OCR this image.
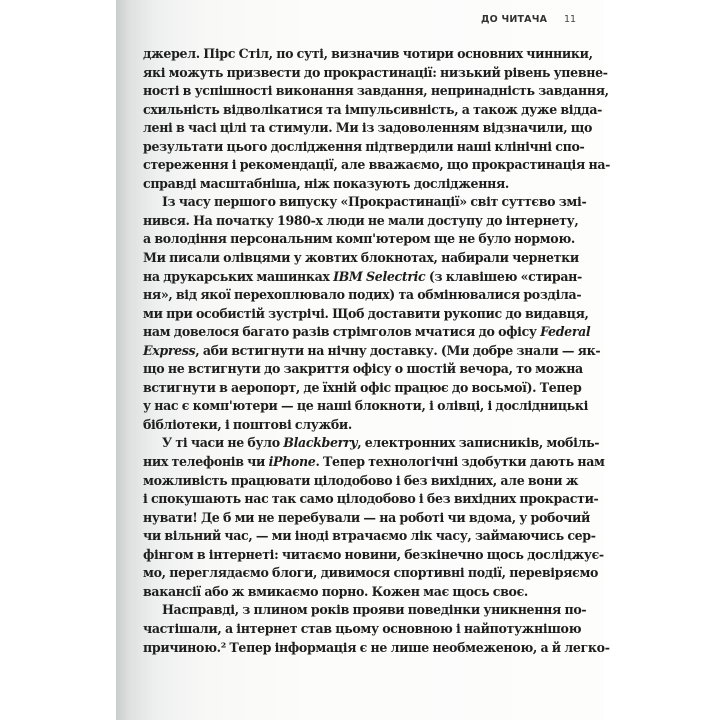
ДО ЧИТАЧА 11
джерел. Пірс Стіл, по суті, визначив чотири основних чинники,
які можуть призвести до прокрастинації: низький рівень упевне-
ності в успішності виконання завдання, непринадність завдання,
схильність відволікатися та імпульсивність, а також дуже відда-
лені в часі цілі та стимули. Ми із задоволенням відзначили, що
результати цього дослідження підтвердили наші клінічні спо-
стереження і рекомендації, але вважаємо, що прокрастинація на-
справді масштабніша, ніж показують дослідження.
Із часу першого випуску «Прокрастинації» світ суттєво змі-
нився. На початку 1980-х люди не мали доступу до інтернету,
а володіння персональним комп'ютером ще не було нормою.
Ми писали олівцями у жовтих блокнотах, набирали чернетки
на друкарських машинках IBM Selectric (з клавішею «стиран-
ня», від якої перехоплювало подих) та обмінювалися розділа-
ми при особистій зустрічі. Щоб доставити рукопис до видавця,
нам довелося багато разів стрімголов мчатися до офісу Federal
Express, аби встигнути на нічну доставку. (Ми добре знали — як-
що не встигнути до закриття офісу о шостій вечора, то можна
встигнути в аеропорт, де їхній офіс працює до восьмої). Тепер
у нас є комп'ютери — це наші блокноти, і олівці, і дослідницькі
бібліотеки, і поштові служби.
У ті часи не було Blackberry, електронних записників, мобіль-
них телефонів чи iPhone. Тепер технологічні здобутки дають нам
можливість працювати цілодобово і без вихідних, але вони ж
і спокушають нас так само цілодобово і без вихідних прокрасти-
нувати! Де б ми не перебували — на роботі чи вдома, у робочий
чи вільний час, — ми іноді втрачаємо лік часу, займаючись сер-
фінгом в інтернеті: читаємо новини, безкінечно щось досліджує-
мо, переглядаємо блоги, дивимося спортивні події, перевіряємо
вакансії або ж вмикаємо порно. Кожен має щось своє.
Насправді, з плином років прояви поведінки уникнення по-
частішали, а інтернет став цьому основною і найпотужнішою
причиною.² Тепер інформація є не лише необмеженою, а й легко-
